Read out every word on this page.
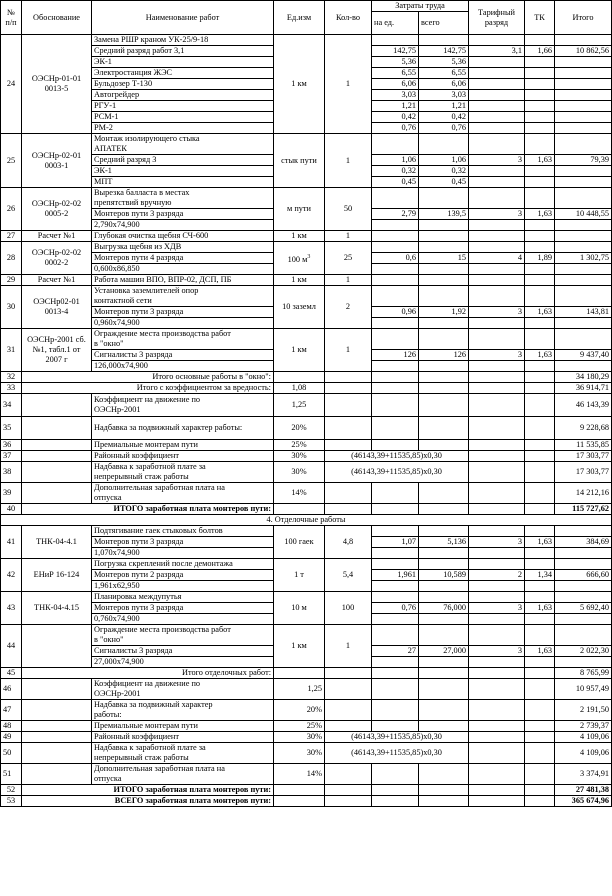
№ п/п	Обоснование	Наименование работ	Ед.изм	Кол-во	Затраты труда		Тарифный разряд	ТК	Итого
					на ед.	всего			
24	ОЭСНр-01-01 0013-5	Замена РШР краном УК-25/9-18	1 км	1					
		Средний разряд работ 3,1			142,75	142,75	3,1	1,66	10 862,56
		ЭК-1			5,36	5,36			
		Электростанция ЖЭС			6,55	6,55			
		Бульдозер Т-130			6,06	6,06			
		Автогрейдер			3,03	3,03			
		РГУ-1			1,21	1,21			
		РСМ-1			0,42	0,42			
		РМ-2			0,76	0,76			
25	ОЭСНр-02-01 0003-1	Монтаж изолирующего стыка АПАТЕК	стык пути	1					
		Средний разряд 3			1,06	1,06	3	1,63	79,39
		ЭК-1			0,32	0,32			
		МПТ			0,45	0,45			
26	ОЭСНр-02-02 0005-2	Вырезка балласта в местах препятствий вручную	м пути	50					
		Монтеров пути 3 разряда			2,79	139,5	3	1,63	10 448,55
		2,790х74,900							
27	Расчет №1	Глубокая очистка щебня СЧ-600	1 км	1					
28	ОЭСНр-02-02 0002-2	Выгрузка щебня из ХДВ	100 $м^3$	25					
		Монтеров пути 4 разряда			0,6	15	4	1,89	1 302,75
		0,600х86,850							
29	Расчет №1	Работа машин ВПО, ВПР-02, ДСП, ПБ	1 км	1					
30	ОЭСНр02-01 0013-4	Установка заземлителей опор контактной сети	10 заземл	2					
		Монтеров пути 3 разряда			0,96	1,92	3	1,63	143,81
		0,960х74,900							
31	ОЭСНр-2001 сб.№1, табл.1 от 2007 г	Ограждение места производства работ в "окно"	1 км	1					
		Сигналисты 3 разряда			126	126	3	1,63	9 437,40
		126,000х74,900							
32	Итого основные работы в "окно":								34 180,29
33	Итого с коэффициентом за вредность:		1,08						36 914,71
34		Коэффициент на движение по ОЭСНр-2001	1,25						46 143,39
35		Надбавка за подвижный характер работы:	20%						9 228,68
36		Премиальные монтерам пути	25%						11 535,85
37		Районный коэффициент	30%	(46143,39+11535,85)х0,30					17 303,77
38		Надбавка к заработной плате за непрерывный стаж работы	30%	(46143,39+11535,85)х0,30					17 303,77
39		Дополнительная заработная плата на отпуска	14%						14 212,16
40	ИТОГО заработная плата монтеров пути:								115 727,62
4. Отделочные работы									
41	ТНК-04-4.1	Подтягивание гаек стыковых болтов	100 гаек	4,8					
		Монтеров пути 3 разряда			1,07	5,136	3	1,63	384,69
		1,070х74,900							
42	ЕНиР 16-124	Погрузка скреплений после демонтажа	1 т	5,4					
		Монтеров пути 2 разряда			1,961	10,589	2	1,34	666,60
		1,961х62,950							
43	ТНК-04-4.15	Планировка междупутья	10 м	100					
		Монтеров пути 3 разряда			0,76	76,000	3	1,63	5 692,40
		0,760х74,900							
44		Ограждение места производства работ в "окно"	1 км	1					
		Сигналисты 3 разряда			27	27,000	3	1,63	2 022,30
		27,000х74,900							
45	Итого отделочных работ:								8 765,99
46		Коэффициент на движение по ОЭСНр-2001	1,25						10 957,49
47		Надбавка за подвижный характер работы:	20%						2 191,50
48		Премиальные монтерам пути	25%						2 739,37
49		Районный коэффициент	30%	(46143,39+11535,85)х0,30					4 109,06
50		Надбавка к заработной плате за непрерывный стаж работы	30%	(46143,39+11535,85)х0,30					4 109,06
51		Дополнительная заработная плата на отпуска	14%						3 374,91
52	ИТОГО заработная плата монтеров пути:								27 481,38
53	ВСЕГО заработная плата монтеров пути:								365 674,96
